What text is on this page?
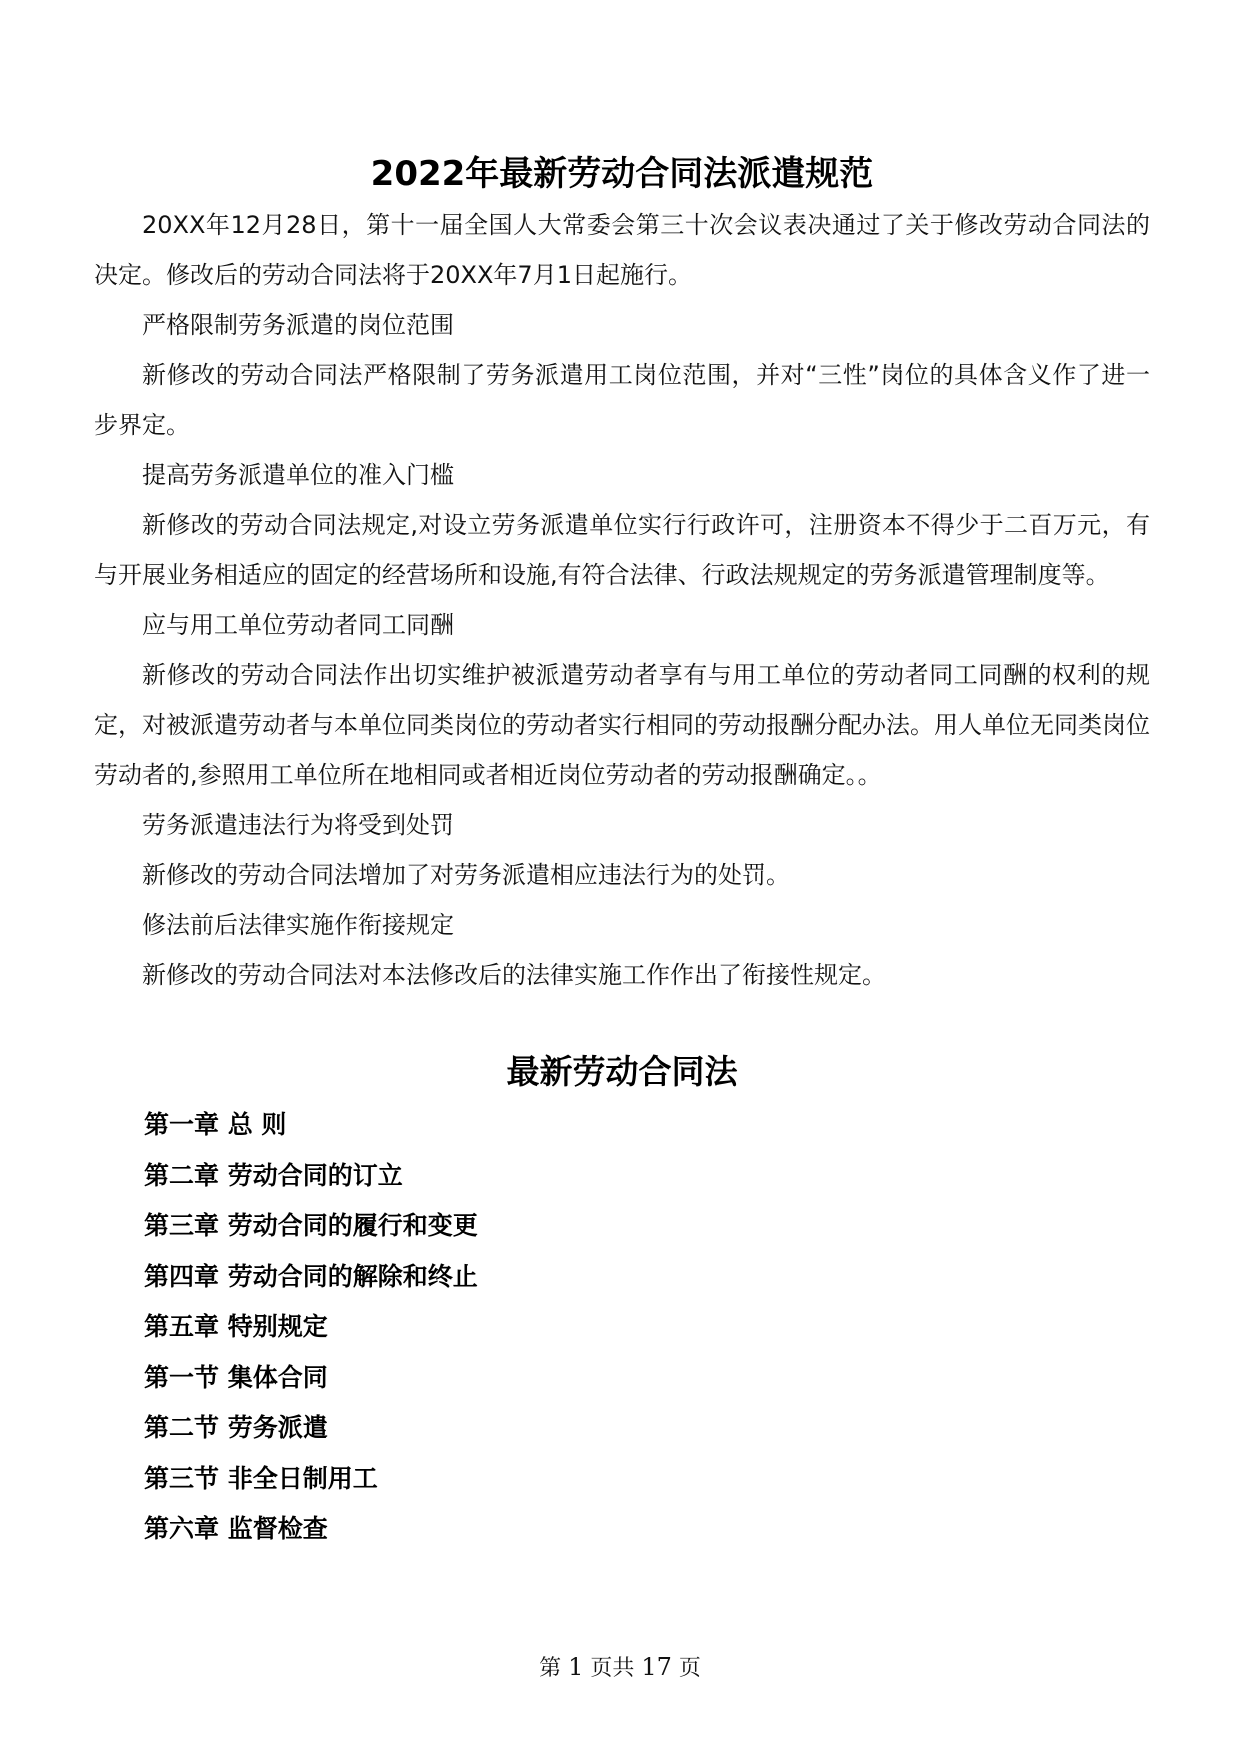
2022年最新劳动合同法派遣规范

20XX年12月28日，第十一届全国人大常委会第三十次会议表决通过了关于修改劳动合同法的决定。修改后的劳动合同法将于20XX年7月1日起施行。

严格限制劳务派遣的岗位范围

新修改的劳动合同法严格限制了劳务派遣用工岗位范围，并对“三性”岗位的具体含义作了进一步界定。

提高劳务派遣单位的准入门槛

新修改的劳动合同法规定,对设立劳务派遣单位实行行政许可，注册资本不得少于二百万元，有与开展业务相适应的固定的经营场所和设施,有符合法律、行政法规规定的劳务派遣管理制度等。

应与用工单位劳动者同工同酬

新修改的劳动合同法作出切实维护被派遣劳动者享有与用工单位的劳动者同工同酬的权利的规定，对被派遣劳动者与本单位同类岗位的劳动者实行相同的劳动报酬分配办法。用人单位无同类岗位劳动者的,参照用工单位所在地相同或者相近岗位劳动者的劳动报酬确定。。

劳务派遣违法行为将受到处罚

新修改的劳动合同法增加了对劳务派遣相应违法行为的处罚。

修法前后法律实施作衔接规定

新修改的劳动合同法对本法修改后的法律实施工作作出了衔接性规定。

最新劳动合同法

第一章 总 则

第二章 劳动合同的订立

第三章 劳动合同的履行和变更

第四章 劳动合同的解除和终止

第五章 特别规定

第一节 集体合同

第二节 劳务派遣

第三节 非全日制用工

第六章 监督检查

第 1 页共 17 页
